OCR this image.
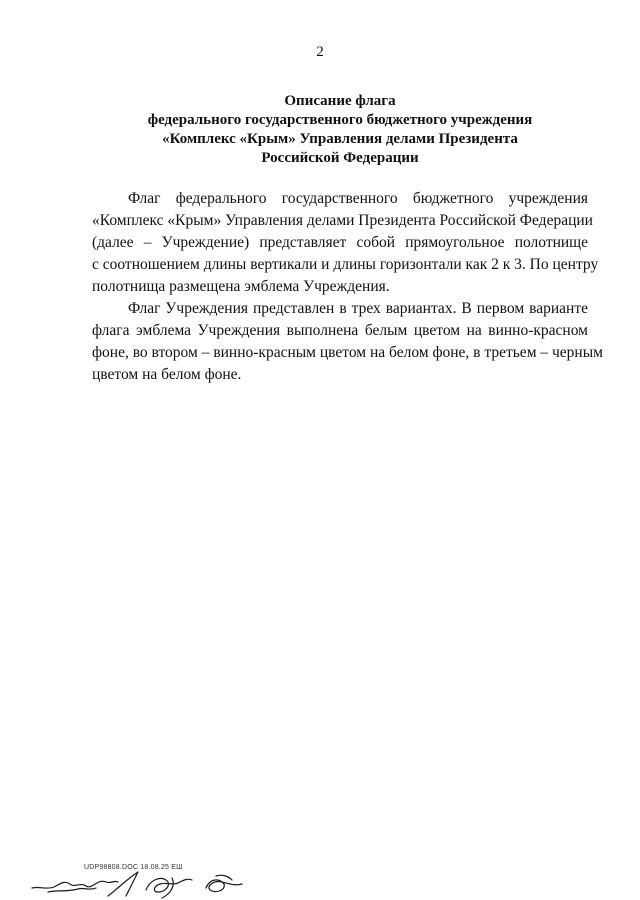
2
Описание флага
федерального государственного бюджетного учреждения
«Комплекс «Крым» Управления делами Президента
Российской Федерации

Флаг федерального государственного бюджетного учреждения
«Комплекс «Крым» Управления делами Президента Российской Федерации
(далее – Учреждение) представляет собой прямоугольное полотнище
с соотношением длины вертикали и длины горизонтали как 2 к 3. По центру
полотнища размещена эмблема Учреждения.

Флаг Учреждения представлен в трех вариантах. В первом варианте
флага эмблема Учреждения выполнена белым цветом на винно-красном
фоне, во втором – винно-красным цветом на белом фоне, в третьем – черным
цветом на белом фоне.

UDP98808.DOC 18.08.25 ЕШ
